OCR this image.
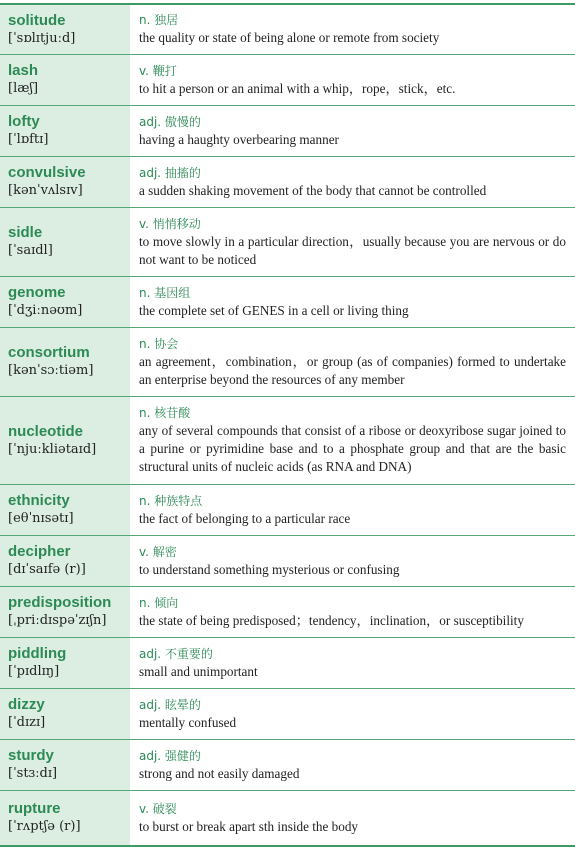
solitude
[ˈsɒlɪtjuːd]
n. 独居
the quality or state of being alone or remote from society
lash
[læʃ]
v. 鞭打
to hit a person or an animal with a whip，rope，stick，etc.
lofty
[ˈlɒftɪ]
adj. 傲慢的
having a haughty overbearing manner
convulsive
[kənˈvʌlsɪv]
adj. 抽搐的
a sudden shaking movement of the body that cannot be controlled
sidle
[ˈsaɪdl]
v. 悄悄移动
to move slowly in a particular direction，usually because you are nervous or do not want to be noticed
genome
[ˈdʒiːnəʊm]
n. 基因组
the complete set of GENES in a cell or living thing
consortium
[kənˈsɔːtiəm]
n. 协会
an agreement，combination，or group (as of companies) formed to undertake an enterprise beyond the resources of any member
nucleotide
[ˈnjuːkliətaɪd]
n. 核苷酸
any of several compounds that consist of a ribose or deoxyribose sugar joined to a purine or pyrimidine base and to a phosphate group and that are the basic structural units of nucleic acids (as RNA and DNA)
ethnicity
[eθˈnɪsətɪ]
n. 种族特点
the fact of belonging to a particular race
decipher
[dɪˈsaɪfə (r)]
v. 解密
to understand something mysterious or confusing
predisposition
[ˌpriːdɪspəˈzɪʃn]
n. 倾向
the state of being predisposed；tendency，inclination，or susceptibility
piddling
[ˈpɪdlɪŋ]
adj. 不重要的
small and unimportant
dizzy
[ˈdɪzɪ]
adj. 眩晕的
mentally confused
sturdy
[ˈstɜːdɪ]
adj. 强健的
strong and not easily damaged
rupture
[ˈrʌptʃə (r)]
v. 破裂
to burst or break apart sth inside the body
